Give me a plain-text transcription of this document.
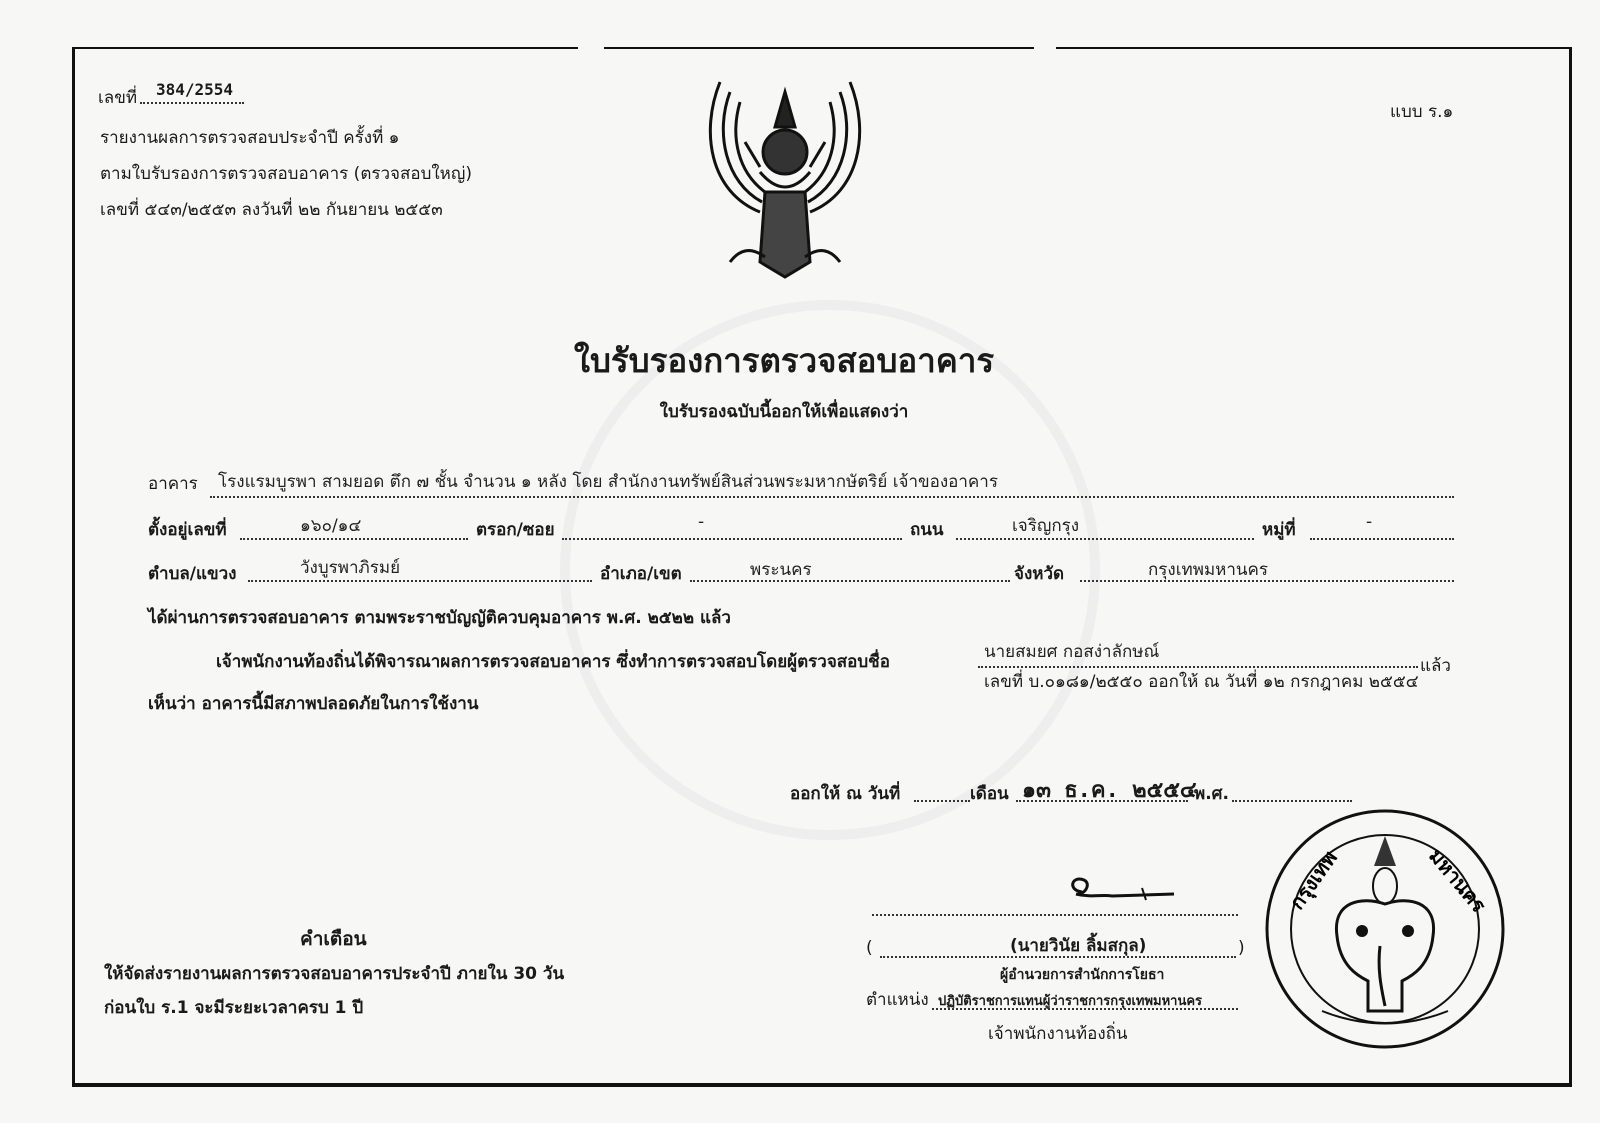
เลขที่ 384/2554
รายงานผลการตรวจสอบประจำปี ครั้งที่ ๑
ตามใบรับรองการตรวจสอบอาคาร (ตรวจสอบใหญ่)
เลขที่ ๕๔๓/๒๕๕๓ ลงวันที่ ๒๒ กันยายน ๒๕๕๓
แบบ ร.๑
ใบรับรองการตรวจสอบอาคาร
ใบรับรองฉบับนี้ออกให้เพื่อแสดงว่า
อาคาร โรงแรมบูรพา สามยอด ตึก ๗ ชั้น จำนวน ๑ หลัง โดย สำนักงานทรัพย์สินส่วนพระมหากษัตริย์ เจ้าของอาคาร
ตั้งอยู่เลขที่	๑๖๐/๑๔	ตรอก/ซอย	-	ถนน	เจริญกรุง	หมู่ที่	-
ตำบล/แขวง	วังบูรพาภิรมย์	อำเภอ/เขต	พระนคร	จังหวัด	กรุงเทพมหานคร
ได้ผ่านการตรวจสอบอาคาร ตามพระราชบัญญัติควบคุมอาคาร พ.ศ. ๒๕๒๒ แล้ว
เจ้าพนักงานท้องถิ่นได้พิจารณาผลการตรวจสอบอาคาร ซึ่งทำการตรวจสอบโดยผู้ตรวจสอบชื่อ	นายสมยศ กอสง่าลักษณ์
แล้ว
เลขที่ บ.๐๑๘๑/๒๕๕๐ ออกให้ ณ วันที่ ๑๒ กรกฎาคม ๒๕๕๔
เห็นว่า อาคารนี้มีสภาพปลอดภัยในการใช้งาน
ออกให้ ณ วันที่	เดือน ๑๓ ธ.ค. ๒๕๕๔
พ.ศ.
คำเตือน
ให้จัดส่งรายงานผลการตรวจสอบอาคารประจำปี ภายใน 30 วัน
ก่อนใบ ร.1 จะมีระยะเวลาครบ 1 ปี
(	(นายวินัย ลิ้มสกุล)	)
ผู้อำนวยการสำนักการโยธา
ตำแหน่ง ปฏิบัติราชการแทนผู้ว่าราชการกรุงเทพมหานคร
เจ้าพนักงานท้องถิ่น
กรุงเทพ	มหานคร
